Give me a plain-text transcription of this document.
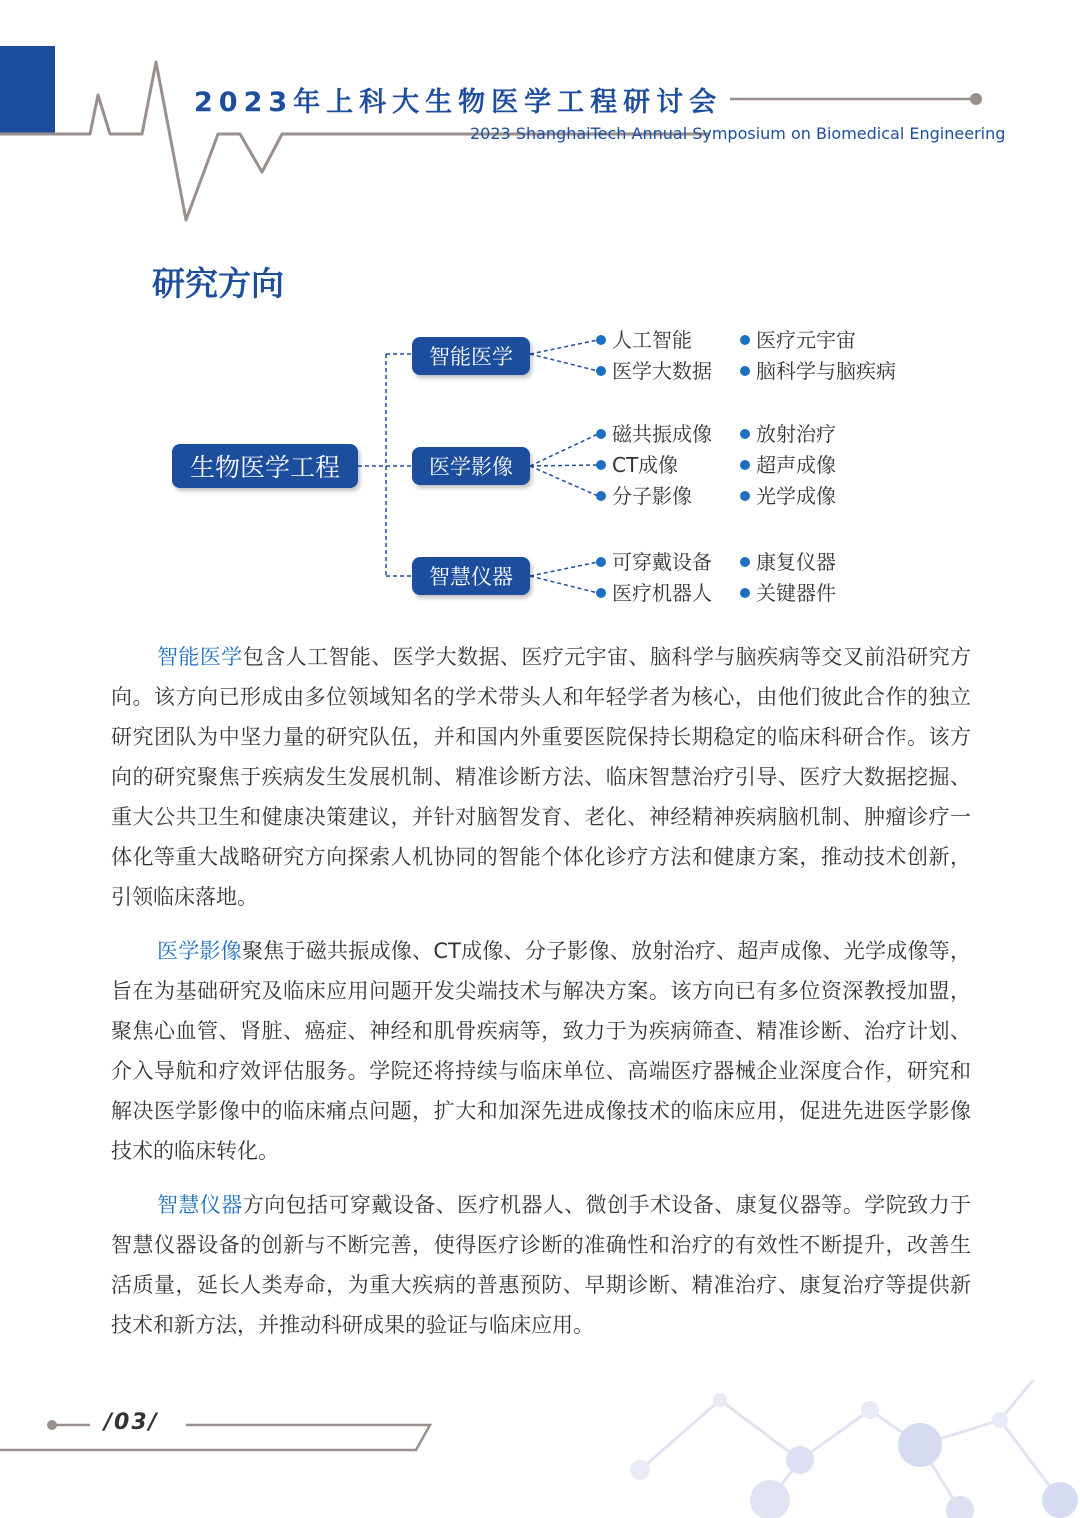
2023年上科大生物医学工程研讨会
2023 ShanghaiTech Annual Symposium on Biomedical Engineering
研究方向
生物医学工程
智能医学
医学影像
智慧仪器
人工智能	医疗元宇宙
医学大数据	脑科学与脑疾病
磁共振成像	放射治疗
CT成像	超声成像
分子影像	光学成像
可穿戴设备	康复仪器
医疗机器人	关键器件

智能医学包含人工智能、医学大数据、医疗元宇宙、脑科学与脑疾病等交叉前沿研究方向。该方向已形成由多位领域知名的学术带头人和年轻学者为核心，由他们彼此合作的独立研究团队为中坚力量的研究队伍，并和国内外重要医院保持长期稳定的临床科研合作。该方向的研究聚焦于疾病发生发展机制、精准诊断方法、临床智慧治疗引导、医疗大数据挖掘、重大公共卫生和健康决策建议，并针对脑智发育、老化、神经精神疾病脑机制、肿瘤诊疗一体化等重大战略研究方向探索人机协同的智能个体化诊疗方法和健康方案，推动技术创新，引领临床落地。

医学影像聚焦于磁共振成像、CT成像、分子影像、放射治疗、超声成像、光学成像等，旨在为基础研究及临床应用问题开发尖端技术与解决方案。该方向已有多位资深教授加盟，聚焦心血管、肾脏、癌症、神经和肌骨疾病等，致力于为疾病筛查、精准诊断、治疗计划、介入导航和疗效评估服务。学院还将持续与临床单位、高端医疗器械企业深度合作，研究和解决医学影像中的临床痛点问题，扩大和加深先进成像技术的临床应用，促进先进医学影像技术的临床转化。

智慧仪器方向包括可穿戴设备、医疗机器人、微创手术设备、康复仪器等。学院致力于智慧仪器设备的创新与不断完善，使得医疗诊断的准确性和治疗的有效性不断提升，改善生活质量，延长人类寿命，为重大疾病的普惠预防、早期诊断、精准治疗、康复治疗等提供新技术和新方法，并推动科研成果的验证与临床应用。

/03/
